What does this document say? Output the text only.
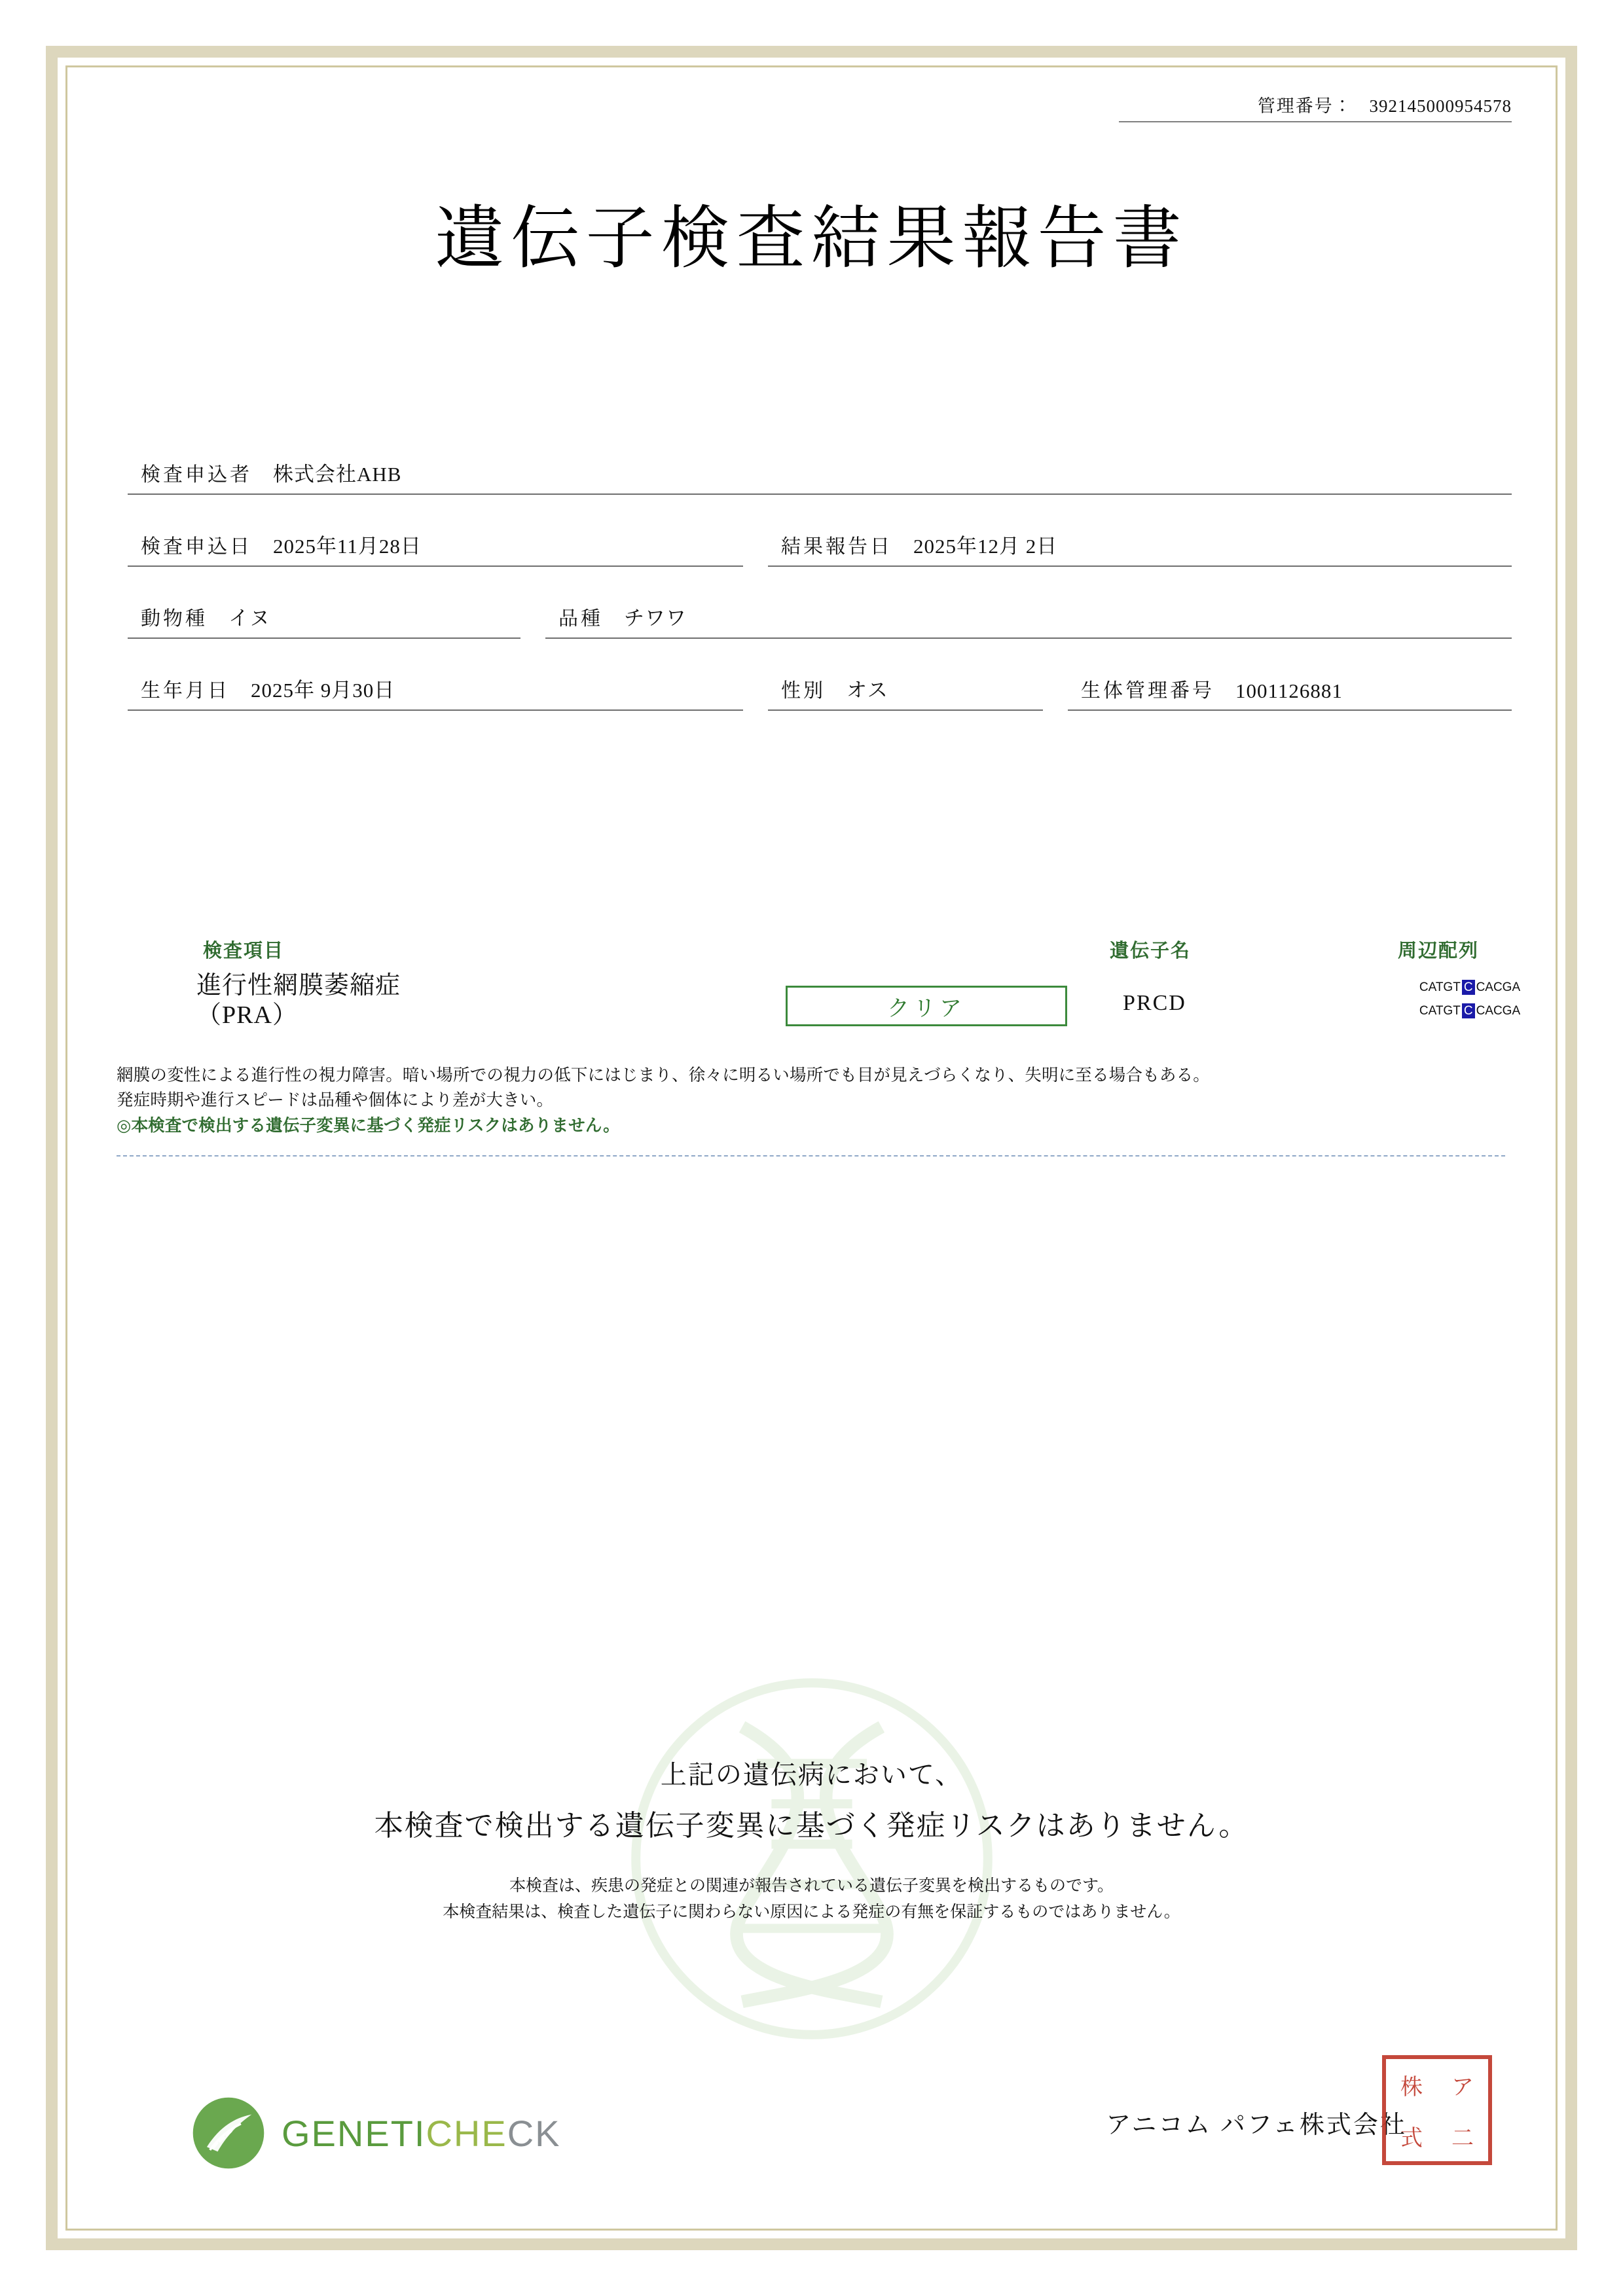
管理番号： 392145000954578
遺伝子検査結果報告書
検査申込者	株式会社AHB
検査申込日	2025年11月28日	結果報告日	2025年12月 2日
動物種	イヌ	品種	チワワ
生年月日	2025年 9月30日	性別	オス	生体管理番号	1001126881
検査項目	遺伝子名	周辺配列
進行性網膜萎縮症
（PRA）	クリア	PRCD
CATGT C CACGA
CATGT C CACGA
網膜の変性による進行性の視力障害。暗い場所での視力の低下にはじまり、徐々に明るい場所でも目が見えづらくなり、失明に至る場合もある。
発症時期や進行スピードは品種や個体により差が大きい。
◎本検査で検出する遺伝子変異に基づく発症リスクはありません。
上記の遺伝病において、
本検査で検出する遺伝子変異に基づく発症リスクはありません。
本検査は、疾患の発症との関連が報告されている遺伝子変異を検出するものです。
本検査結果は、検査した遺伝子に関わらない原因による発症の有無を保証するものではありません。
GENETICHECK	アニコム パフェ株式会社
株 ア
式 二
